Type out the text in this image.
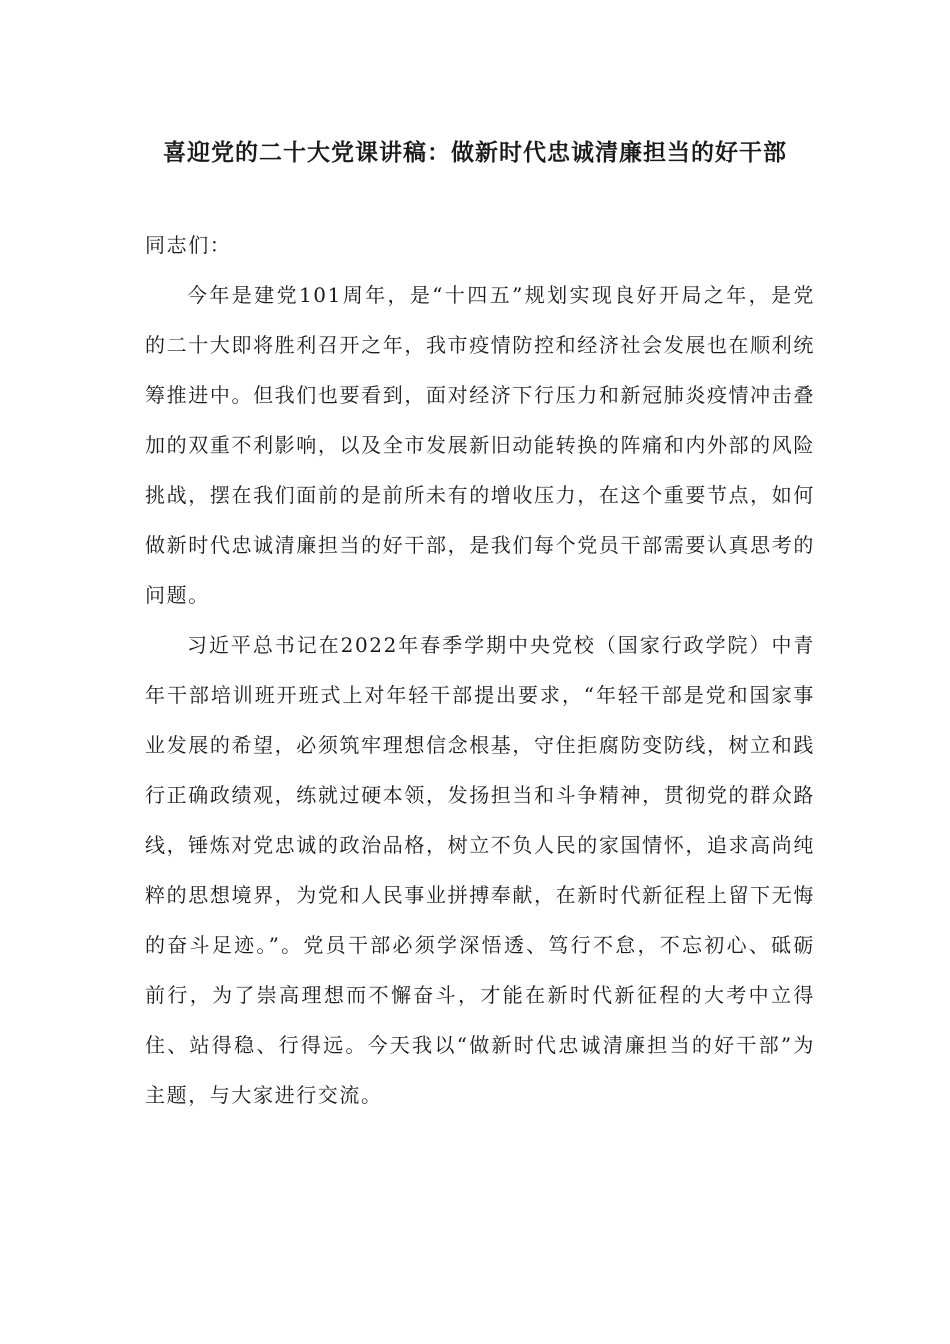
喜迎党的二十大党课讲稿：做新时代忠诚清廉担当的好干部

同志们：

今年是建党101周年，是“十四五”规划实现良好开局之年，是党的二十大即将胜利召开之年，我市疫情防控和经济社会发展也在顺利统筹推进中。但我们也要看到，面对经济下行压力和新冠肺炎疫情冲击叠加的双重不利影响，以及全市发展新旧动能转换的阵痛和内外部的风险挑战，摆在我们面前的是前所未有的增收压力，在这个重要节点，如何做新时代忠诚清廉担当的好干部，是我们每个党员干部需要认真思考的问题。

习近平总书记在2022年春季学期中央党校（国家行政学院）中青年干部培训班开班式上对年轻干部提出要求，“年轻干部是党和国家事业发展的希望，必须筑牢理想信念根基，守住拒腐防变防线，树立和践行正确政绩观，练就过硬本领，发扬担当和斗争精神，贯彻党的群众路线，锤炼对党忠诚的政治品格，树立不负人民的家国情怀，追求高尚纯粹的思想境界，为党和人民事业拼搏奉献，在新时代新征程上留下无悔的奋斗足迹。”。党员干部必须学深悟透、笃行不怠，不忘初心、砥砺前行，为了崇高理想而不懈奋斗，才能在新时代新征程的大考中立得住、站得稳、行得远。今天我以“做新时代忠诚清廉担当的好干部”为主题，与大家进行交流。
